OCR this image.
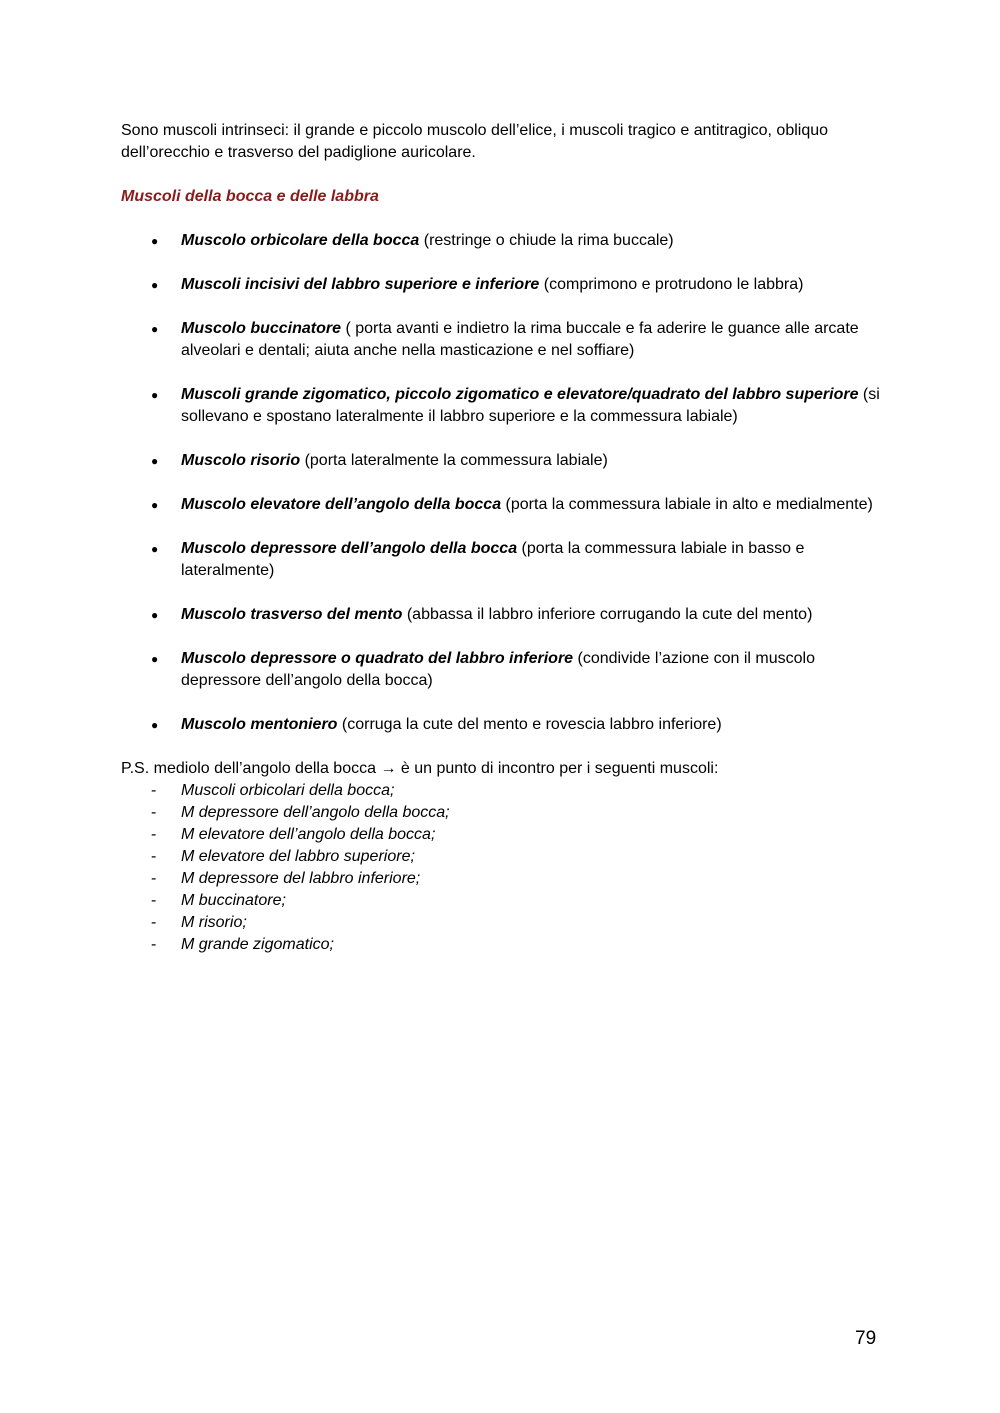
Sono muscoli intrinseci: il grande e piccolo muscolo dell’elice, i muscoli tragico e antitragico, obliquo dell’orecchio e trasverso del padiglione auricolare.

Muscoli della bocca e delle labbra

● Muscolo orbicolare della bocca (restringe o chiude la rima buccale)
● Muscoli incisivi del labbro superiore e inferiore (comprimono e protrudono le labbra)
● Muscolo buccinatore ( porta avanti e indietro la rima buccale e fa aderire le guance alle arcate alveolari e dentali; aiuta anche nella masticazione e nel soffiare)
● Muscoli grande zigomatico, piccolo zigomatico e elevatore/quadrato del labbro superiore (si sollevano e spostano lateralmente il labbro superiore e la commessura labiale)
● Muscolo risorio (porta lateralmente la commessura labiale)
● Muscolo elevatore dell’angolo della bocca (porta la commessura labiale in alto e medialmente)
● Muscolo depressore dell’angolo della bocca (porta la commessura labiale in basso e lateralmente)
● Muscolo trasverso del mento (abbassa il labbro inferiore corrugando la cute del mento)
● Muscolo depressore o quadrato del labbro inferiore (condivide l’azione con il muscolo depressore dell’angolo della bocca)
● Muscolo mentoniero (corruga la cute del mento e rovescia labbro inferiore)

P.S. mediolo dell’angolo della bocca → è un punto di incontro per i seguenti muscoli:

- Muscoli orbicolari della bocca;
- M depressore dell’angolo della bocca;
- M elevatore dell’angolo della bocca;
- M elevatore del labbro superiore;
- M depressore del labbro inferiore;
- M buccinatore;
- M risorio;
- M grande zigomatico;
79
